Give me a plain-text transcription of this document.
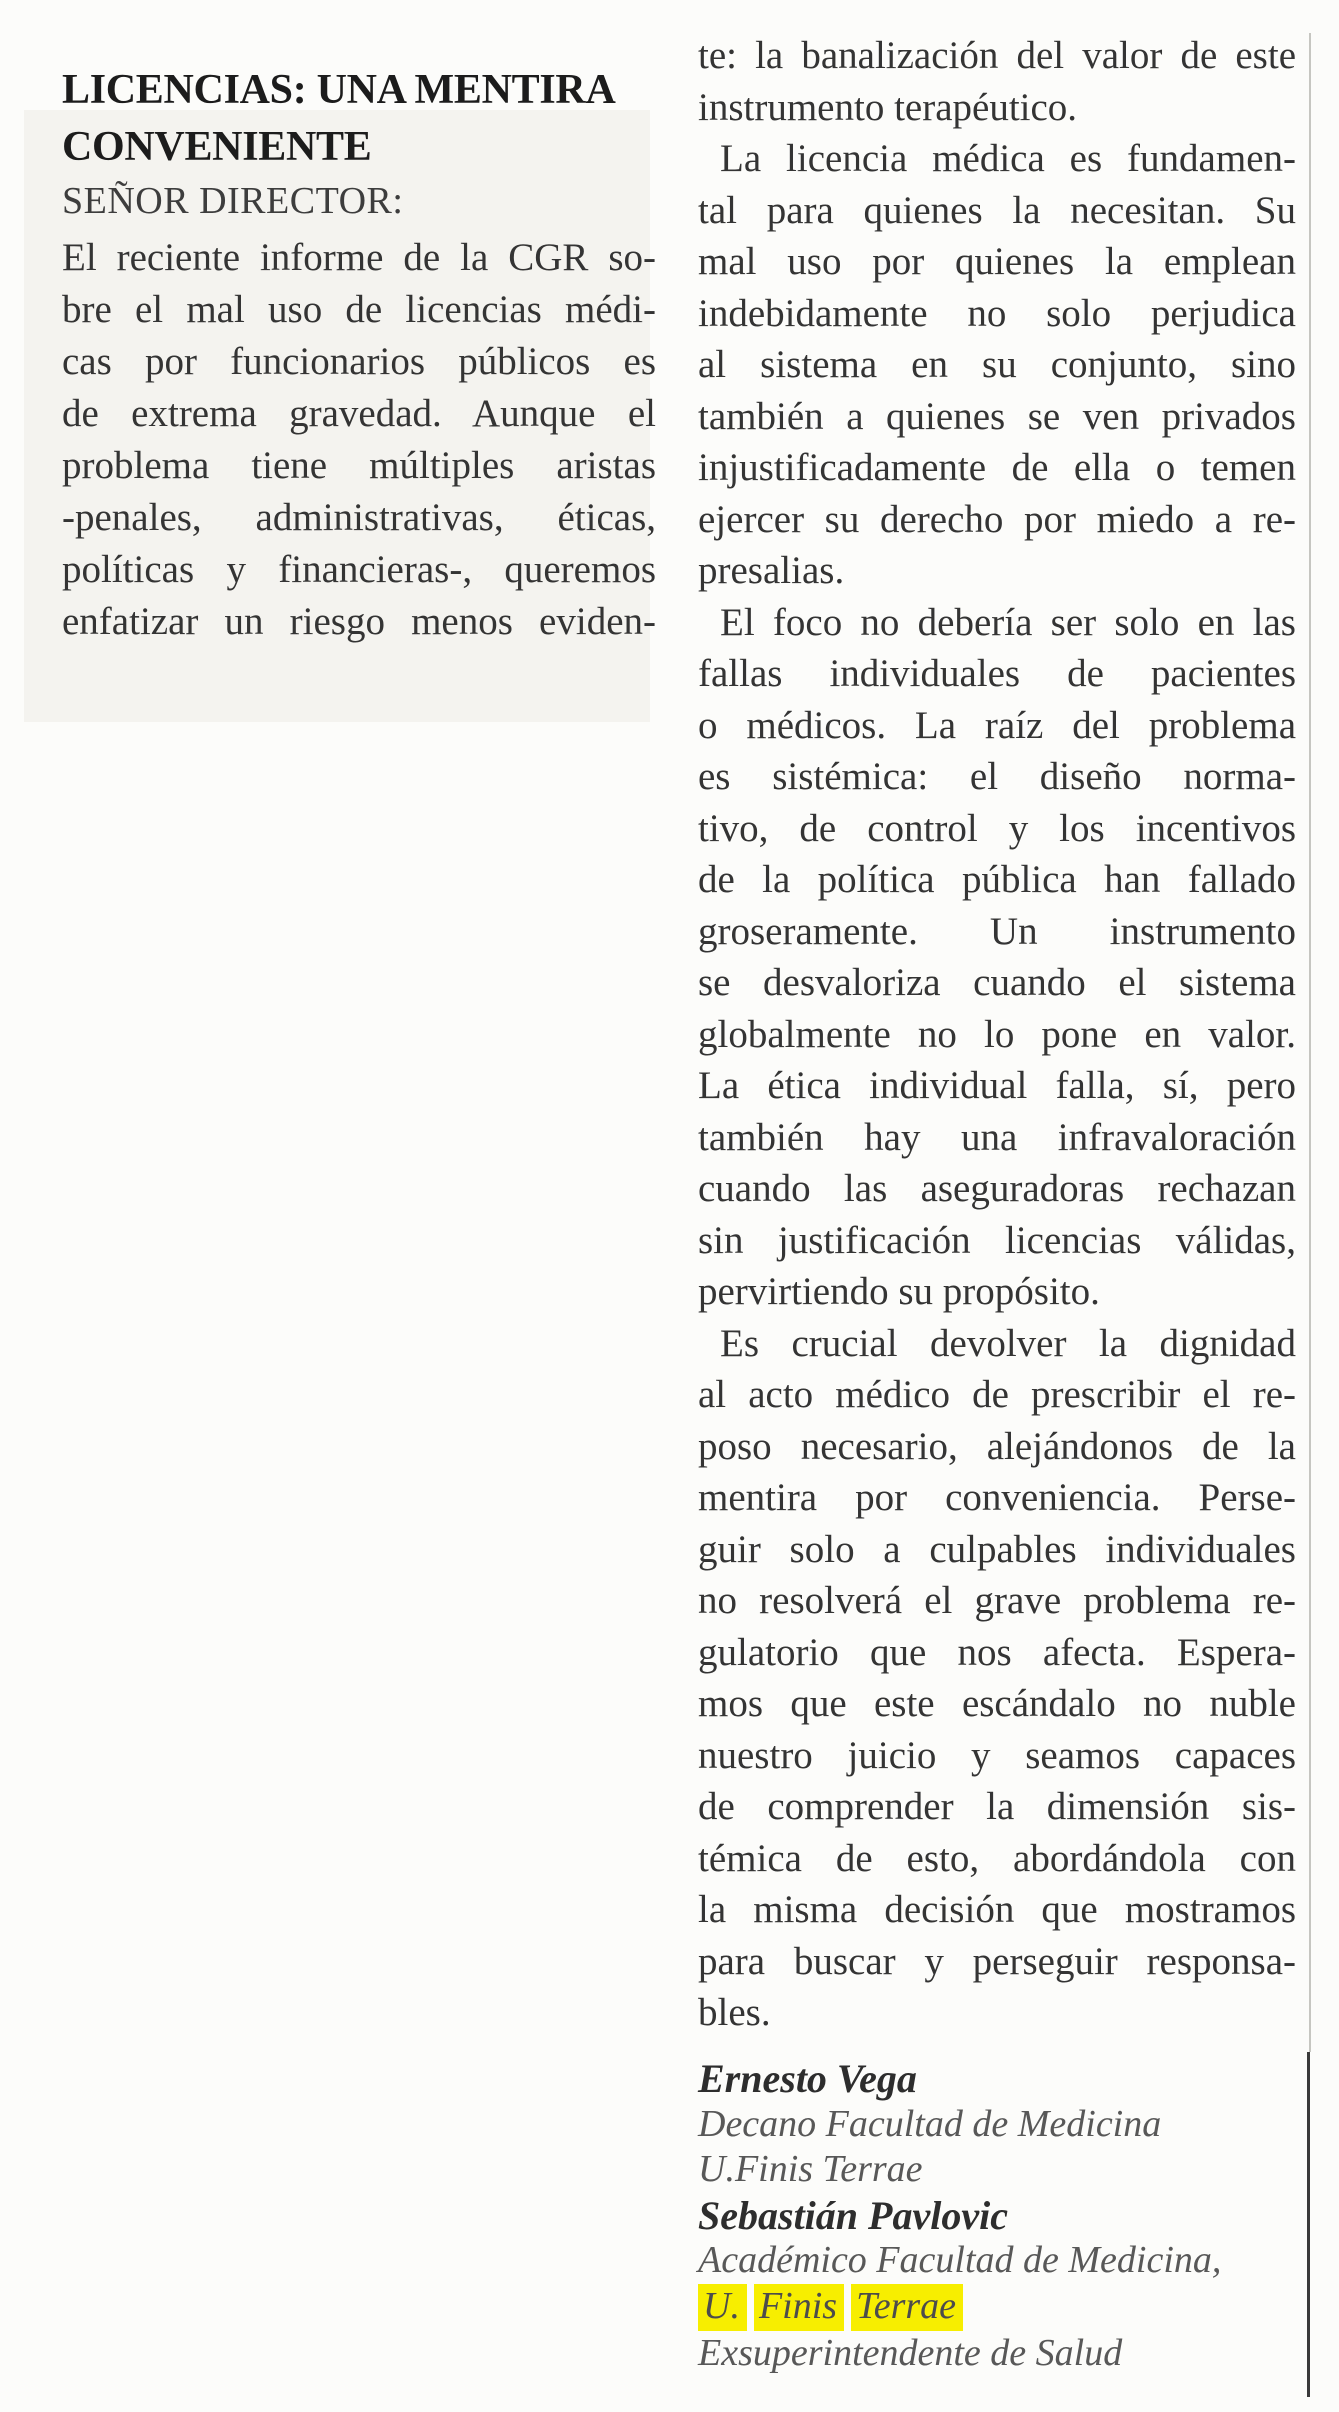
LICENCIAS: UNA MENTIRA
CONVENIENTE
SEÑOR DIRECTOR:
El reciente informe de la CGR so-
bre el mal uso de licencias médi-
cas por funcionarios públicos es
de extrema gravedad. Aunque el
problema tiene múltiples aristas
-penales, administrativas, éticas,
políticas y financieras-, queremos
enfatizar un riesgo menos eviden-
te: la banalización del valor de este
instrumento terapéutico.
La licencia médica es fundamen-
tal para quienes la necesitan. Su
mal uso por quienes la emplean
indebidamente no solo perjudica
al sistema en su conjunto, sino
también a quienes se ven privados
injustificadamente de ella o temen
ejercer su derecho por miedo a re-
presalias.
El foco no debería ser solo en las
fallas individuales de pacientes
o médicos. La raíz del problema
es sistémica: el diseño norma-
tivo, de control y los incentivos
de la política pública han fallado
groseramente. Un instrumento
se desvaloriza cuando el sistema
globalmente no lo pone en valor.
La ética individual falla, sí, pero
también hay una infravaloración
cuando las aseguradoras rechazan
sin justificación licencias válidas,
pervirtiendo su propósito.
Es crucial devolver la dignidad
al acto médico de prescribir el re-
poso necesario, alejándonos de la
mentira por conveniencia. Perse-
guir solo a culpables individuales
no resolverá el grave problema re-
gulatorio que nos afecta. Espera-
mos que este escándalo no nuble
nuestro juicio y seamos capaces
de comprender la dimensión sis-
témica de esto, abordándola con
la misma decisión que mostramos
para buscar y perseguir responsa-
bles.
Ernesto Vega
Decano Facultad de Medicina
U.Finis Terrae
Sebastián Pavlovic
Académico Facultad de Medicina,
U. Finis Terrae
Exsuperintendente de Salud
